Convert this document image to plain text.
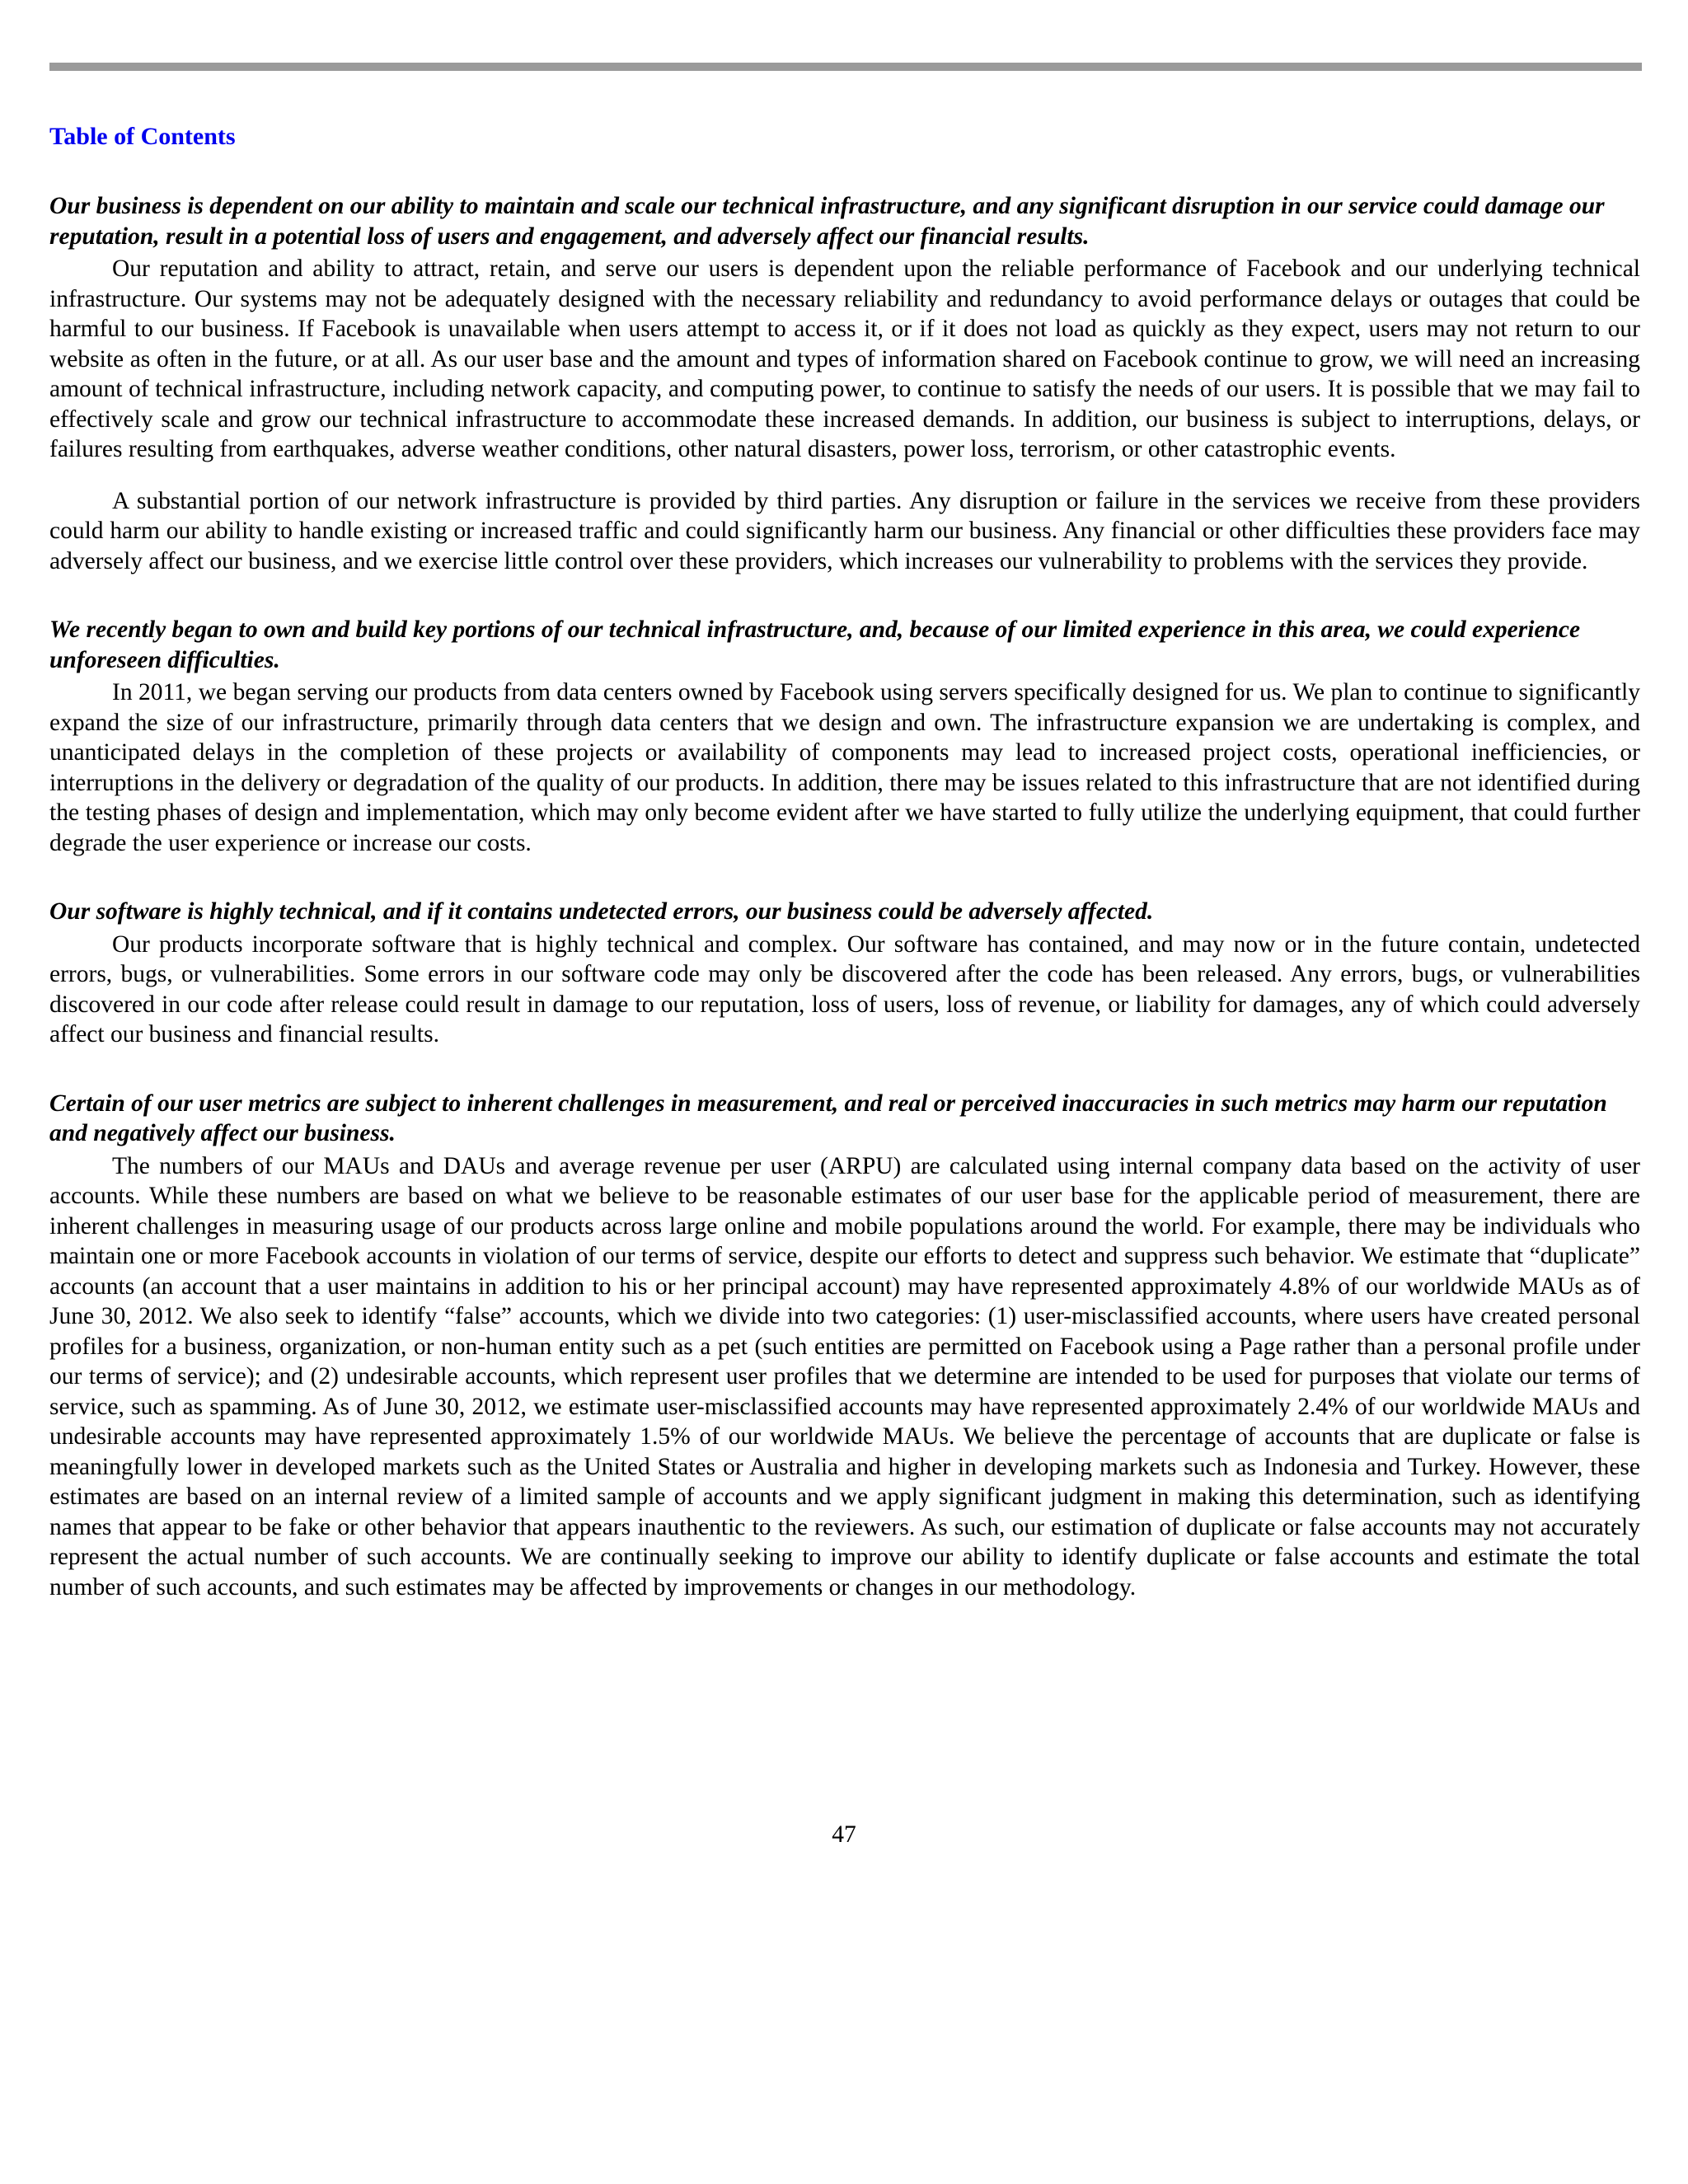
Table of Contents

Our business is dependent on our ability to maintain and scale our technical infrastructure, and any significant disruption in our service could damage our reputation, result in a potential loss of users and engagement, and adversely affect our financial results.

Our reputation and ability to attract, retain, and serve our users is dependent upon the reliable performance of Facebook and our underlying technical infrastructure. Our systems may not be adequately designed with the necessary reliability and redundancy to avoid performance delays or outages that could be harmful to our business. If Facebook is unavailable when users attempt to access it, or if it does not load as quickly as they expect, users may not return to our website as often in the future, or at all. As our user base and the amount and types of information shared on Facebook continue to grow, we will need an increasing amount of technical infrastructure, including network capacity, and computing power, to continue to satisfy the needs of our users. It is possible that we may fail to effectively scale and grow our technical infrastructure to accommodate these increased demands. In addition, our business is subject to interruptions, delays, or failures resulting from earthquakes, adverse weather conditions, other natural disasters, power loss, terrorism, or other catastrophic events.

A substantial portion of our network infrastructure is provided by third parties. Any disruption or failure in the services we receive from these providers could harm our ability to handle existing or increased traffic and could significantly harm our business. Any financial or other difficulties these providers face may adversely affect our business, and we exercise little control over these providers, which increases our vulnerability to problems with the services they provide.

We recently began to own and build key portions of our technical infrastructure, and, because of our limited experience in this area, we could experience unforeseen difficulties.

In 2011, we began serving our products from data centers owned by Facebook using servers specifically designed for us. We plan to continue to significantly expand the size of our infrastructure, primarily through data centers that we design and own. The infrastructure expansion we are undertaking is complex, and unanticipated delays in the completion of these projects or availability of components may lead to increased project costs, operational inefficiencies, or interruptions in the delivery or degradation of the quality of our products. In addition, there may be issues related to this infrastructure that are not identified during the testing phases of design and implementation, which may only become evident after we have started to fully utilize the underlying equipment, that could further degrade the user experience or increase our costs.

Our software is highly technical, and if it contains undetected errors, our business could be adversely affected.

Our products incorporate software that is highly technical and complex. Our software has contained, and may now or in the future contain, undetected errors, bugs, or vulnerabilities. Some errors in our software code may only be discovered after the code has been released. Any errors, bugs, or vulnerabilities discovered in our code after release could result in damage to our reputation, loss of users, loss of revenue, or liability for damages, any of which could adversely affect our business and financial results.

Certain of our user metrics are subject to inherent challenges in measurement, and real or perceived inaccuracies in such metrics may harm our reputation and negatively affect our business.

The numbers of our MAUs and DAUs and average revenue per user (ARPU) are calculated using internal company data based on the activity of user accounts. While these numbers are based on what we believe to be reasonable estimates of our user base for the applicable period of measurement, there are inherent challenges in measuring usage of our products across large online and mobile populations around the world. For example, there may be individuals who maintain one or more Facebook accounts in violation of our terms of service, despite our efforts to detect and suppress such behavior. We estimate that “duplicate” accounts (an account that a user maintains in addition to his or her principal account) may have represented approximately 4.8% of our worldwide MAUs as of June 30, 2012. We also seek to identify “false” accounts, which we divide into two categories: (1) user-misclassified accounts, where users have created personal profiles for a business, organization, or non-human entity such as a pet (such entities are permitted on Facebook using a Page rather than a personal profile under our terms of service); and (2) undesirable accounts, which represent user profiles that we determine are intended to be used for purposes that violate our terms of service, such as spamming. As of June 30, 2012, we estimate user-misclassified accounts may have represented approximately 2.4% of our worldwide MAUs and undesirable accounts may have represented approximately 1.5% of our worldwide MAUs. We believe the percentage of accounts that are duplicate or false is meaningfully lower in developed markets such as the United States or Australia and higher in developing markets such as Indonesia and Turkey. However, these estimates are based on an internal review of a limited sample of accounts and we apply significant judgment in making this determination, such as identifying names that appear to be fake or other behavior that appears inauthentic to the reviewers. As such, our estimation of duplicate or false accounts may not accurately represent the actual number of such accounts. We are continually seeking to improve our ability to identify duplicate or false accounts and estimate the total number of such accounts, and such estimates may be affected by improvements or changes in our methodology.

47
